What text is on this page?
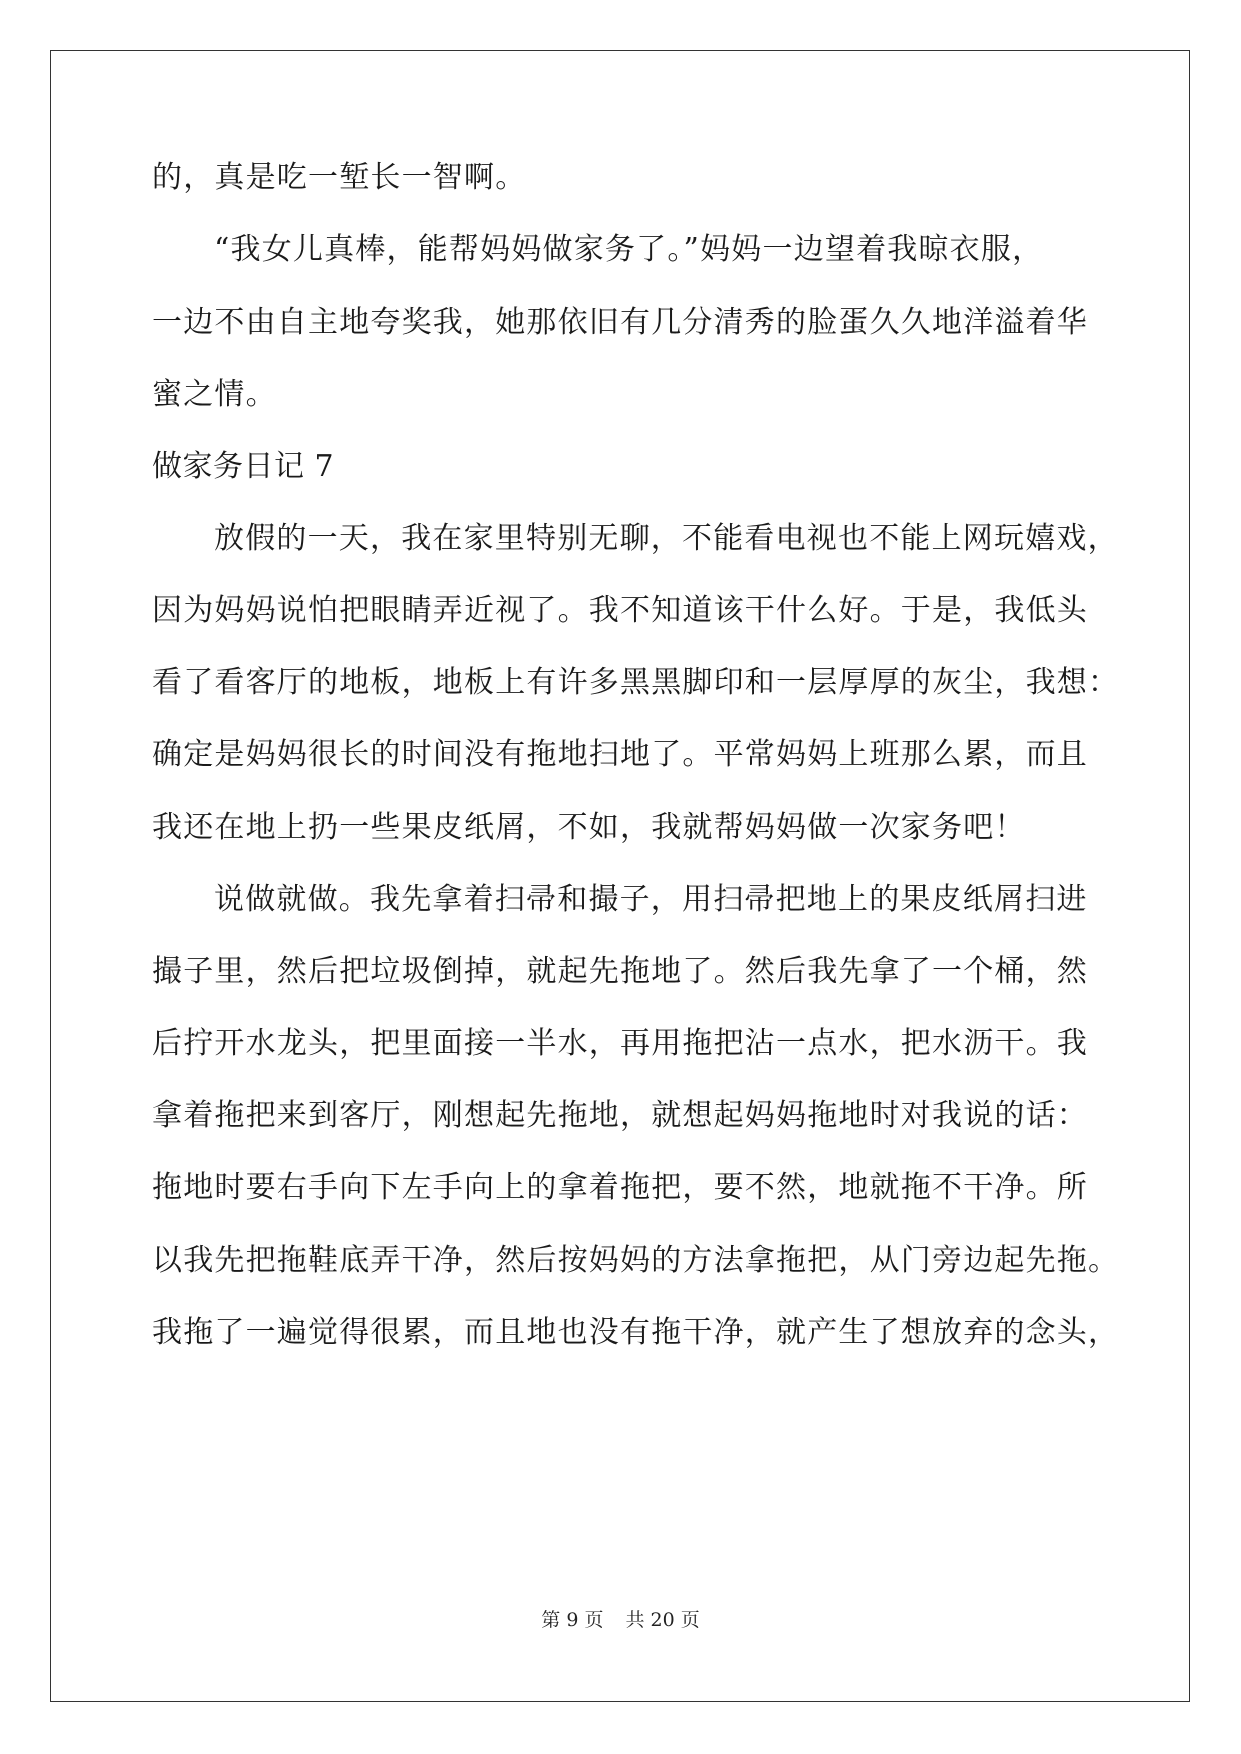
的，真是吃一堑长一智啊。
“我女儿真棒，能帮妈妈做家务了。”妈妈一边望着我晾衣服，
一边不由自主地夸奖我，她那依旧有几分清秀的脸蛋久久地洋溢着华
蜜之情。
做家务日记 7
放假的一天，我在家里特别无聊，不能看电视也不能上网玩嬉戏，
因为妈妈说怕把眼睛弄近视了。我不知道该干什么好。于是，我低头
看了看客厅的地板，地板上有许多黑黑脚印和一层厚厚的灰尘，我想：
确定是妈妈很长的时间没有拖地扫地了。平常妈妈上班那么累，而且
我还在地上扔一些果皮纸屑，不如，我就帮妈妈做一次家务吧！
说做就做。我先拿着扫帚和撮子，用扫帚把地上的果皮纸屑扫进
撮子里，然后把垃圾倒掉，就起先拖地了。然后我先拿了一个桶，然
后拧开水龙头，把里面接一半水，再用拖把沾一点水，把水沥干。我
拿着拖把来到客厅，刚想起先拖地，就想起妈妈拖地时对我说的话：
拖地时要右手向下左手向上的拿着拖把，要不然，地就拖不干净。所
以我先把拖鞋底弄干净，然后按妈妈的方法拿拖把，从门旁边起先拖。
我拖了一遍觉得很累，而且地也没有拖干净，就产生了想放弃的念头，
第 9 页 共 20 页
